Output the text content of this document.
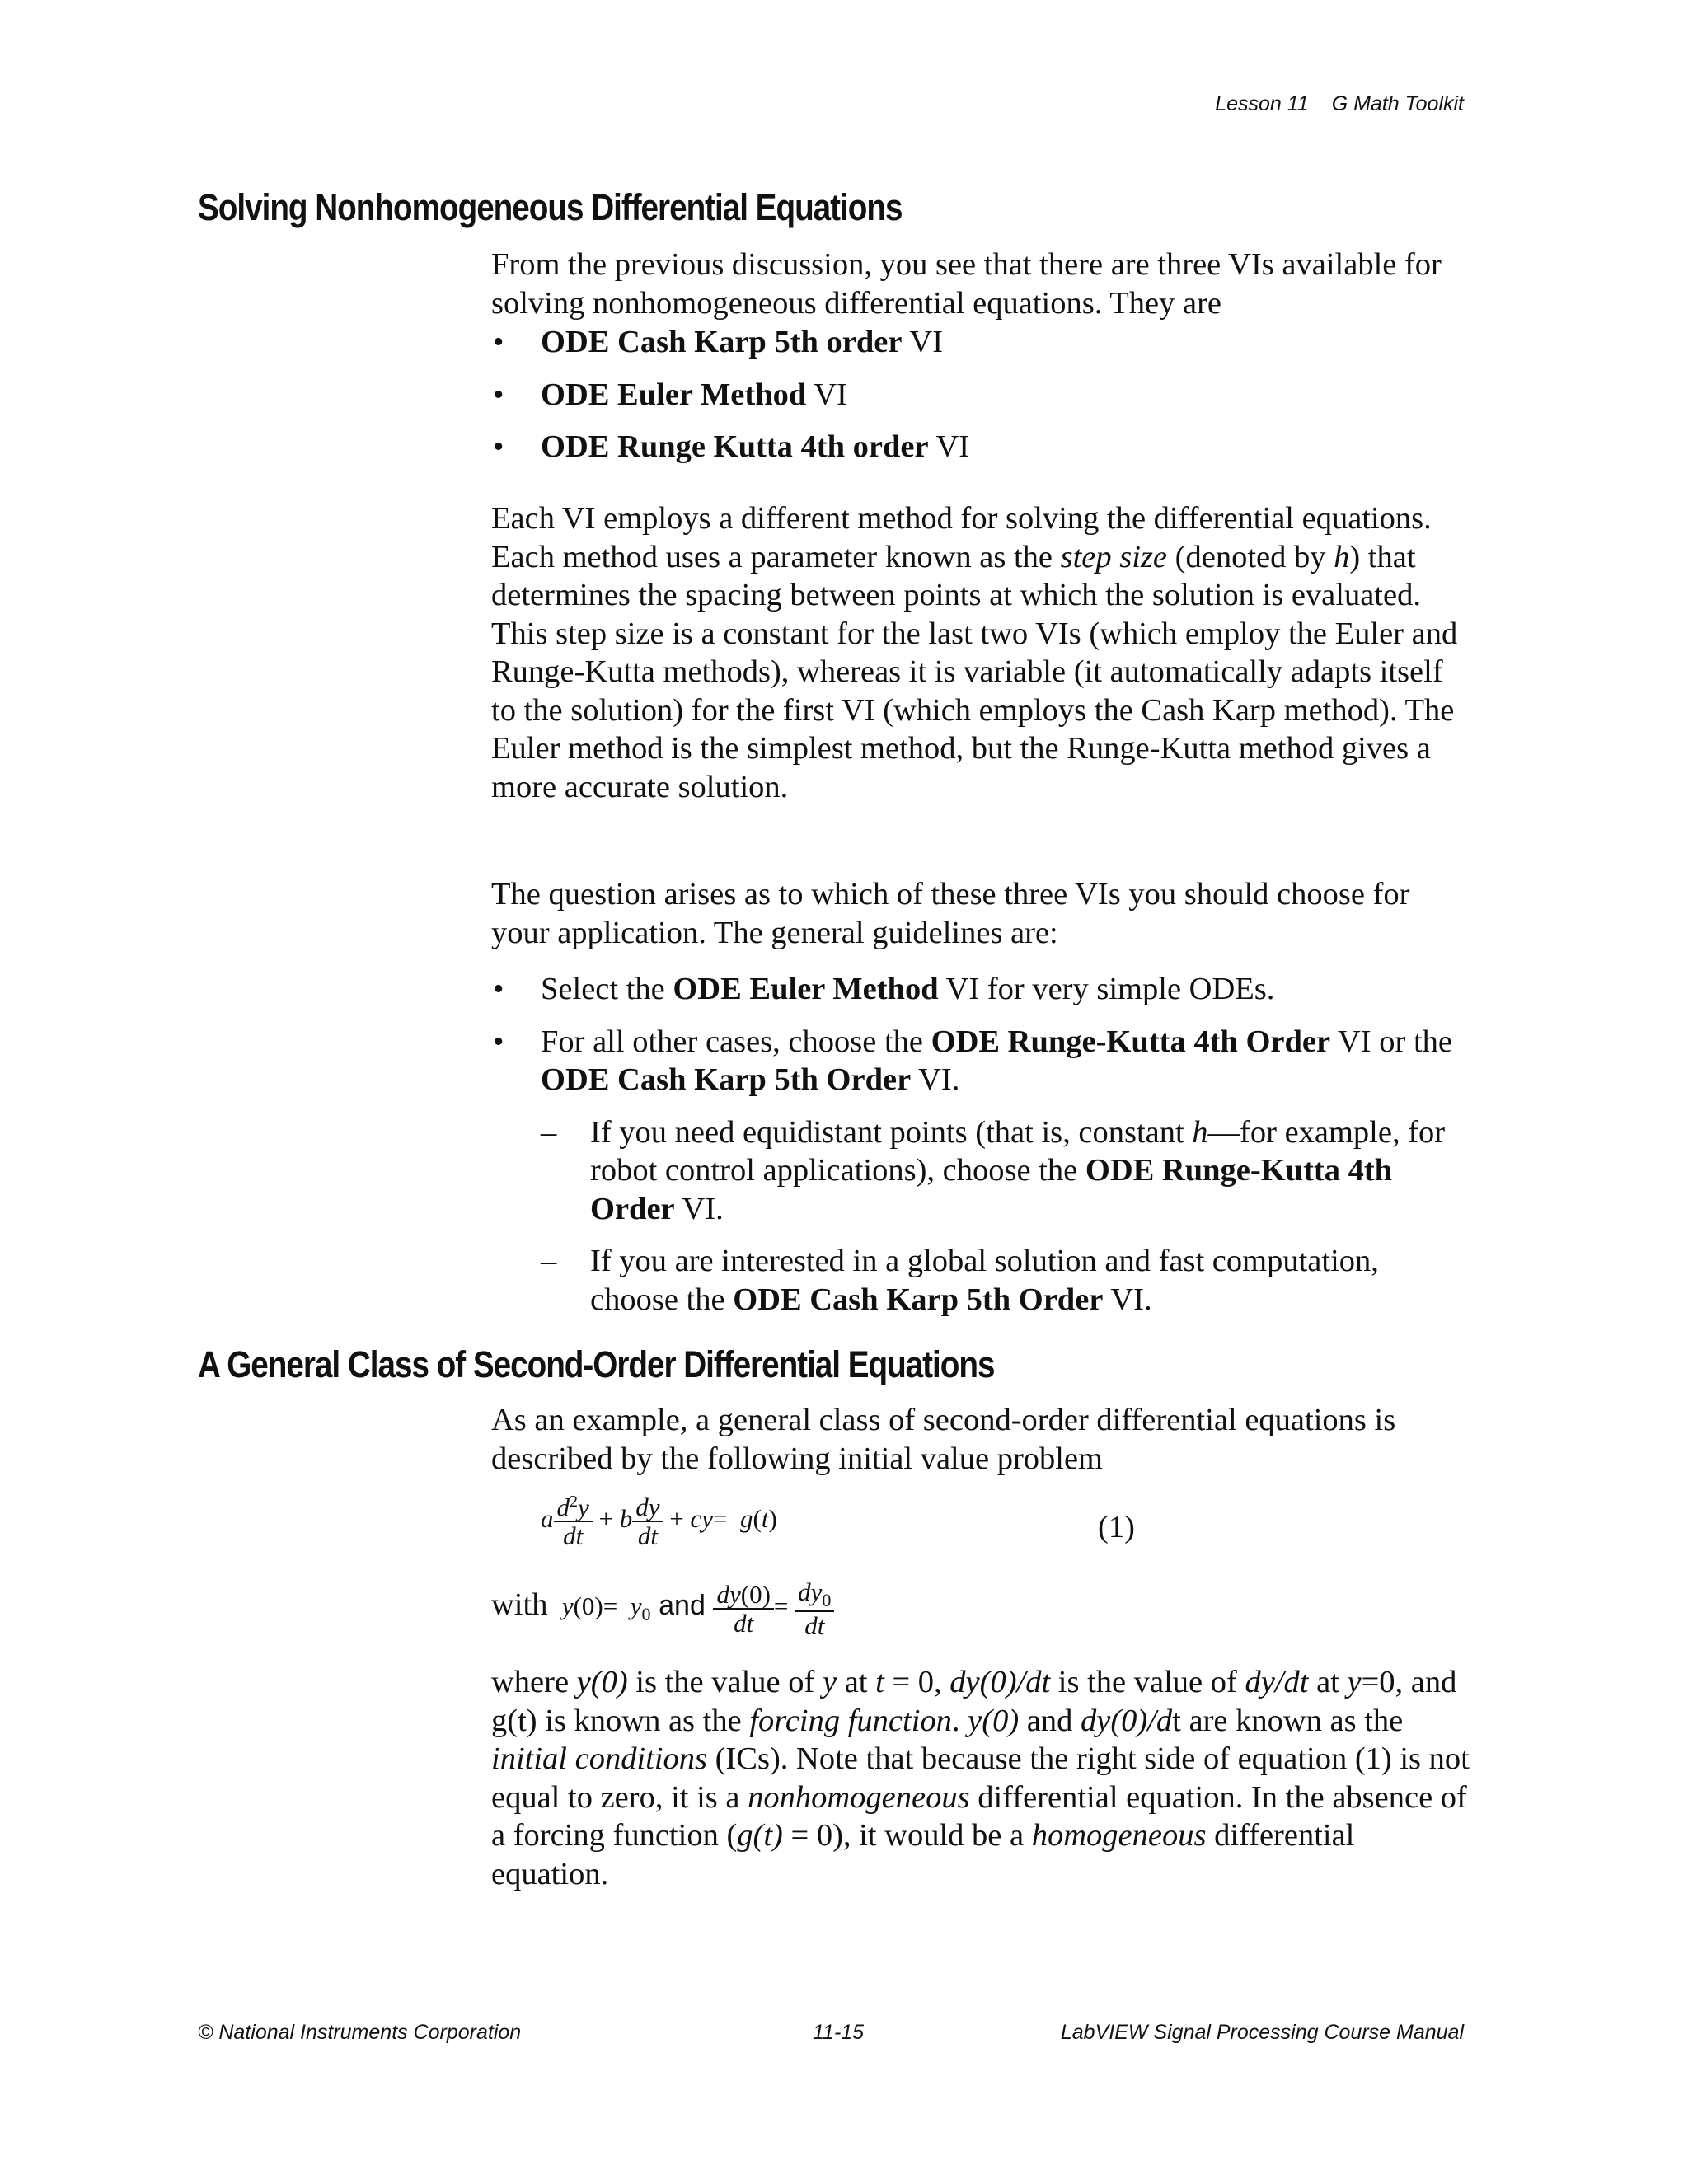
Lesson 11 G Math Toolkit
Solving Nonhomogeneous Differential Equations

From the previous discussion, you see that there are three VIs available for solving nonhomogeneous differential equations. They are

• ODE Cash Karp 5th order VI
• ODE Euler Method VI
• ODE Runge Kutta 4th order VI

Each VI employs a different method for solving the differential equations. Each method uses a parameter known as the step size (denoted by h) that determines the spacing between points at which the solution is evaluated. This step size is a constant for the last two VIs (which employ the Euler and Runge-Kutta methods), whereas it is variable (it automatically adapts itself to the solution) for the first VI (which employs the Cash Karp method). The Euler method is the simplest method, but the Runge-Kutta method gives a more accurate solution.

The question arises as to which of these three VIs you should choose for your application. The general guidelines are:

• Select the ODE Euler Method VI for very simple ODEs.
• For all other cases, choose the ODE Runge-Kutta 4th Order VI or the ODE Cash Karp 5th Order VI.
– If you need equidistant points (that is, constant h—for example, for robot control applications), choose the ODE Runge-Kutta 4th Order VI.
– If you are interested in a global solution and fast computation, choose the ODE Cash Karp 5th Order VI.
A General Class of Second-Order Differential Equations

As an example, a general class of second-order differential equations is described by the following initial value problem

a $\frac{d^2y}{dt} + b \frac{dy}{dt} + cy= g(t)$	(1)
with  $y(0)= y_0$ and $\frac{dy(0)}{dt} = \frac{dy_0}{dt}$

where y(0) is the value of y at t = 0, dy(0)/dt is the value of dy/dt at y=0, and g(t) is known as the forcing function. y(0) and dy(0)/dt are known as the initial conditions (ICs). Note that because the right side of equation (1) is not equal to zero, it is a nonhomogeneous differential equation. In the absence of a forcing function (g(t) = 0), it would be a homogeneous differential equation.

© National Instruments Corporation	11-15	LabVIEW Signal Processing Course Manual
